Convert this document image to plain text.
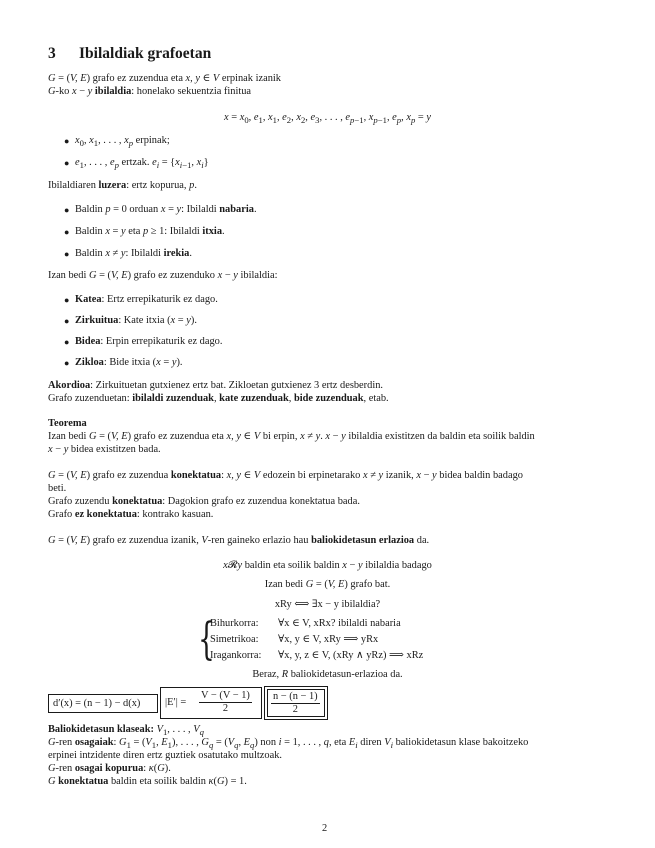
3 Ibilaldiak grafoetan
G = (V, E) grafo ez zuzendua eta x, y ∈ V erpinak izanik
G-ko x − y ibilaldia: honelako sekuentzia finitua
$x = x_0$, $e_1$, $x_1$, $e_2$, $x_2$, $e_3$, . . . , $e_{p-1}$, $x_{p-1}$, $e_p$, $x_p = y$
● $x_0$, $x_1$, . . . , $x_p$ erpinak;
● $e_1$, . . . , $e_p$ ertzak. $e_i = \{x_{i-1}$, $x_i$}
Ibilaldiaren luzera: ertz kopurua, p.
● Baldin p = 0 orduan x = y: Ibilaldi nabaria.
● Baldin x = y eta p ≥ 1: Ibilaldi itxia.
● Baldin x ≠ y: Ibilaldi irekia.
Izan bedi G = (V, E) grafo ez zuzenduko x − y ibilaldia:
● Katea: Ertz errepikaturik ez dago.
● Zirkuitua: Kate itxia (x = y).
● Bidea: Erpin errepikaturik ez dago.
● Zikloa: Bide itxia (x = y).
Akordioa: Zirkuituetan gutxienez ertz bat. Zikloetan gutxienez 3 ertz desberdin.
Grafo zuzenduetan: ibilaldi zuzenduak, kate zuzenduak, bide zuzenduak, etab.
Teorema
Izan bedi G = (V, E) grafo ez zuzendua eta x, y ∈ V bi erpin, x ≠ y. x − y ibilaldia existitzen da baldin eta soilik baldin
x − y bidea existitzen bada.
G = (V, E) grafo ez zuzendua konektatua: x, y ∈ V edozein bi erpinetarako x ≠ y izanik, x − y bidea baldin badago
beti.
Grafo zuzendu konektatua: Dagokion grafo ez zuzendua konektatua bada.
Grafo ez konektatua: kontrako kasuan.
G = (V, E) grafo ez zuzendua izanik, V-ren gaineko erlazio hau baliokidetasun erlazioa da.
x𝓡y baldin eta soilik baldin x − y ibilaldia badago
Izan bedi G = (V, E) grafo bat.
xRy ⟺ ∃x − y ibilaldia?
{
Bihurkorra: ∀x ∈ V, xRx? ibilaldi nabaria
Simetrikoa: ∀x, y ∈ V, xRy ⟹ yRx
Iragankorra: ∀x, y, z ∈ V, (xRy ∧ yRz) ⟹ xRz
Beraz, R baliokidetasun-erlazioa da.
d′(x) = (n − 1) − d(x) $|E'| = \frac{V - (V - 1)}{2} \frac{n - (n - 1)}{2}$
Baliokidetasun klaseak: $V_1$, . . . , $V_q$
G-ren osagaiak: $G_1 = (V_1$, $E_1$), . . . , $G_q = (V_q$, $E_q$) non i = 1, . . . , q, eta $E_i$ diren $V_i$ baliokidetasun klase bakoitzeko
erpinei intzidente diren ertz guztiek osatutako multzoak.
G-ren osagai kopurua: κ(G).
G konektatua baldin eta soilik baldin κ(G) = 1.
2
